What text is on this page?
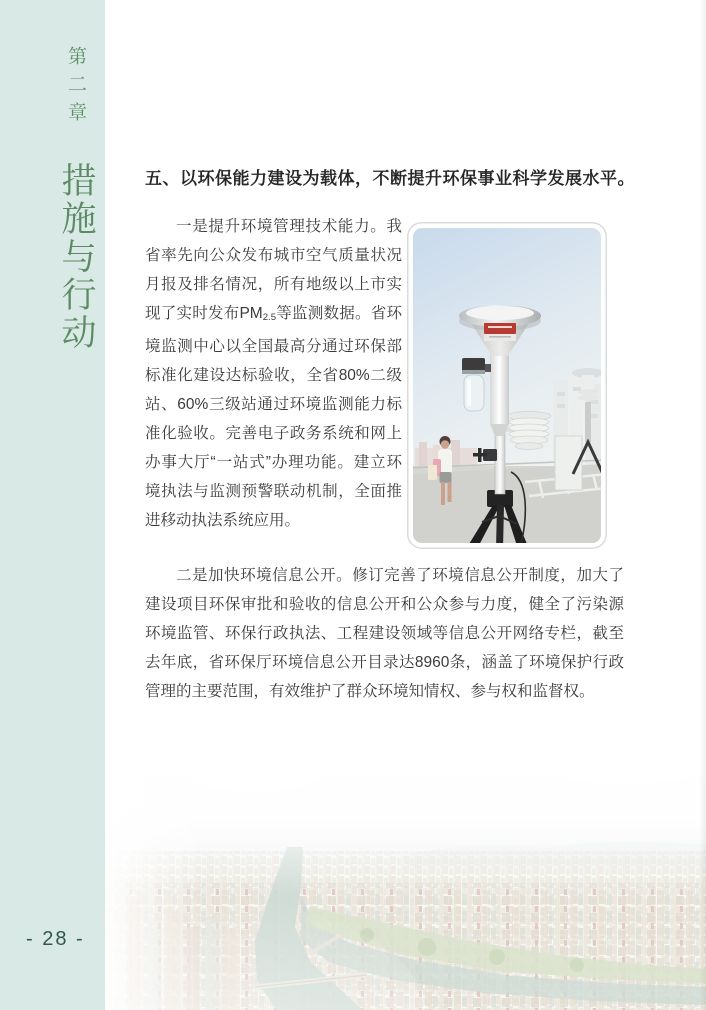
第二章
措施与行动
- 28 -
五、以环保能力建设为载体，不断提升环保事业科学发展水平。

一是提升环境管理技术能力。我省率先向公众发布城市空气质量状况月报及排名情况，所有地级以上市实现了实时发布$PM_{2.5}$等监测数据。省环境监测中心以全国最高分通过环保部标准化建设达标验收，全省80%二级站、60%三级站通过环境监测能力标准化验收。完善电子政务系统和网上办事大厅“一站式”办理功能。建立环境执法与监测预警联动机制，全面推进移动执法系统应用。

二是加快环境信息公开。修订完善了环境信息公开制度，加大了建设项目环保审批和验收的信息公开和公众参与力度，健全了污染源环境监管、环保行政执法、工程建设领域等信息公开网络专栏，截至去年底，省环保厅环境信息公开目录达8960条，涵盖了环境保护行政管理的主要范围，有效维护了群众环境知情权、参与权和监督权。
